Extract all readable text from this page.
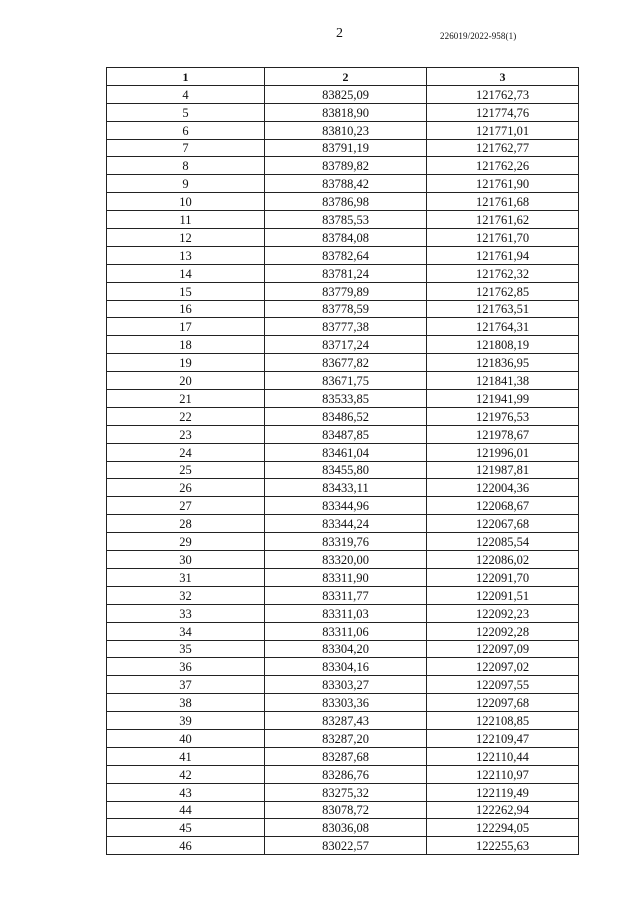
2	226019/2022-958(1)
1	2	3
4	83825,09	121762,73
5	83818,90	121774,76
6	83810,23	121771,01
7	83791,19	121762,77
8	83789,82	121762,26
9	83788,42	121761,90
10	83786,98	121761,68
11	83785,53	121761,62
12	83784,08	121761,70
13	83782,64	121761,94
14	83781,24	121762,32
15	83779,89	121762,85
16	83778,59	121763,51
17	83777,38	121764,31
18	83717,24	121808,19
19	83677,82	121836,95
20	83671,75	121841,38
21	83533,85	121941,99
22	83486,52	121976,53
23	83487,85	121978,67
24	83461,04	121996,01
25	83455,80	121987,81
26	83433,11	122004,36
27	83344,96	122068,67
28	83344,24	122067,68
29	83319,76	122085,54
30	83320,00	122086,02
31	83311,90	122091,70
32	83311,77	122091,51
33	83311,03	122092,23
34	83311,06	122092,28
35	83304,20	122097,09
36	83304,16	122097,02
37	83303,27	122097,55
38	83303,36	122097,68
39	83287,43	122108,85
40	83287,20	122109,47
41	83287,68	122110,44
42	83286,76	122110,97
43	83275,32	122119,49
44	83078,72	122262,94
45	83036,08	122294,05
46	83022,57	122255,63
